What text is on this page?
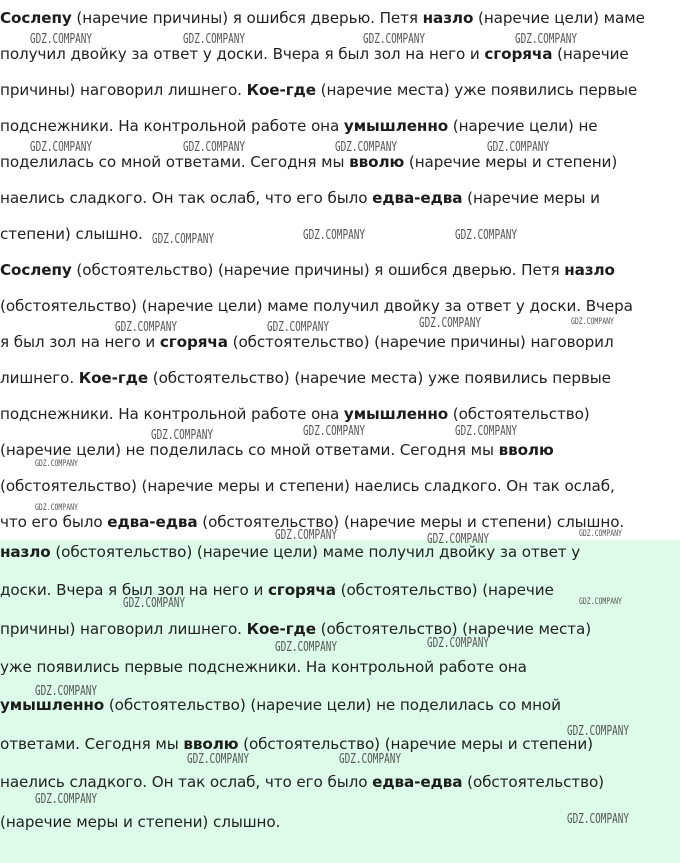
Сослепу (наречие причины) я ошибся дверью. Петя назло (наречие цели) маме
получил двойку за ответ у доски. Вчера я был зол на него и сгоряча (наречие
причины) наговорил лишнего. Кое-где (наречие места) уже появились первые
подснежники. На контрольной работе она умышленно (наречие цели) не
поделилась со мной ответами. Сегодня мы вволю (наречие меры и степени)
наелись сладкого. Он так ослаб, что его было едва-едва (наречие меры и
степени) слышно.
Сослепу (обстоятельство) (наречие причины) я ошибся дверью. Петя назло
(обстоятельство) (наречие цели) маме получил двойку за ответ у доски. Вчера
я был зол на него и сгоряча (обстоятельство) (наречие причины) наговорил
лишнего. Кое-где (обстоятельство) (наречие места) уже появились первые
подснежники. На контрольной работе она умышленно (обстоятельство)
(наречие цели) не поделилась со мной ответами. Сегодня мы вволю
(обстоятельство) (наречие меры и степени) наелись сладкого. Он так ослаб,
что его было едва-едва (обстоятельство) (наречие меры и степени) слышно.
назло (обстоятельство) (наречие цели) маме получил двойку за ответ у
доски. Вчера я был зол на него и сгоряча (обстоятельство) (наречие
причины) наговорил лишнего. Кое-где (обстоятельство) (наречие места)
уже появились первые подснежники. На контрольной работе она
умышленно (обстоятельство) (наречие цели) не поделилась со мной
ответами. Сегодня мы вволю (обстоятельство) (наречие меры и степени)
наелись сладкого. Он так ослаб, что его было едва-едва (обстоятельство)
(наречие меры и степени) слышно.
GDZ.COMPANY	GDZ.COMPANY	GDZ.COMPANY	GDZ.COMPANY
GDZ.COMPANY	GDZ.COMPANY	GDZ.COMPANY	GDZ.COMPANY
GDZ.COMPANY	GDZ.COMPANY	GDZ.COMPANY
GDZ.COMPANY	GDZ.COMPANY	GDZ.COMPANY	GDZ.COMPANY
GDZ.COMPANY	GDZ.COMPANY	GDZ.COMPANY
GDZ.COMPANY
GDZ.COMPANY
GDZ.COMPANY	GDZ.COMPANY	GDZ.COMPANY
GDZ.COMPANY	GDZ.COMPANY
GDZ.COMPANY	GDZ.COMPANY
GDZ.COMPANY
GDZ.COMPANY
GDZ.COMPANY	GDZ.COMPANY
GDZ.COMPANY
GDZ.COMPANY
